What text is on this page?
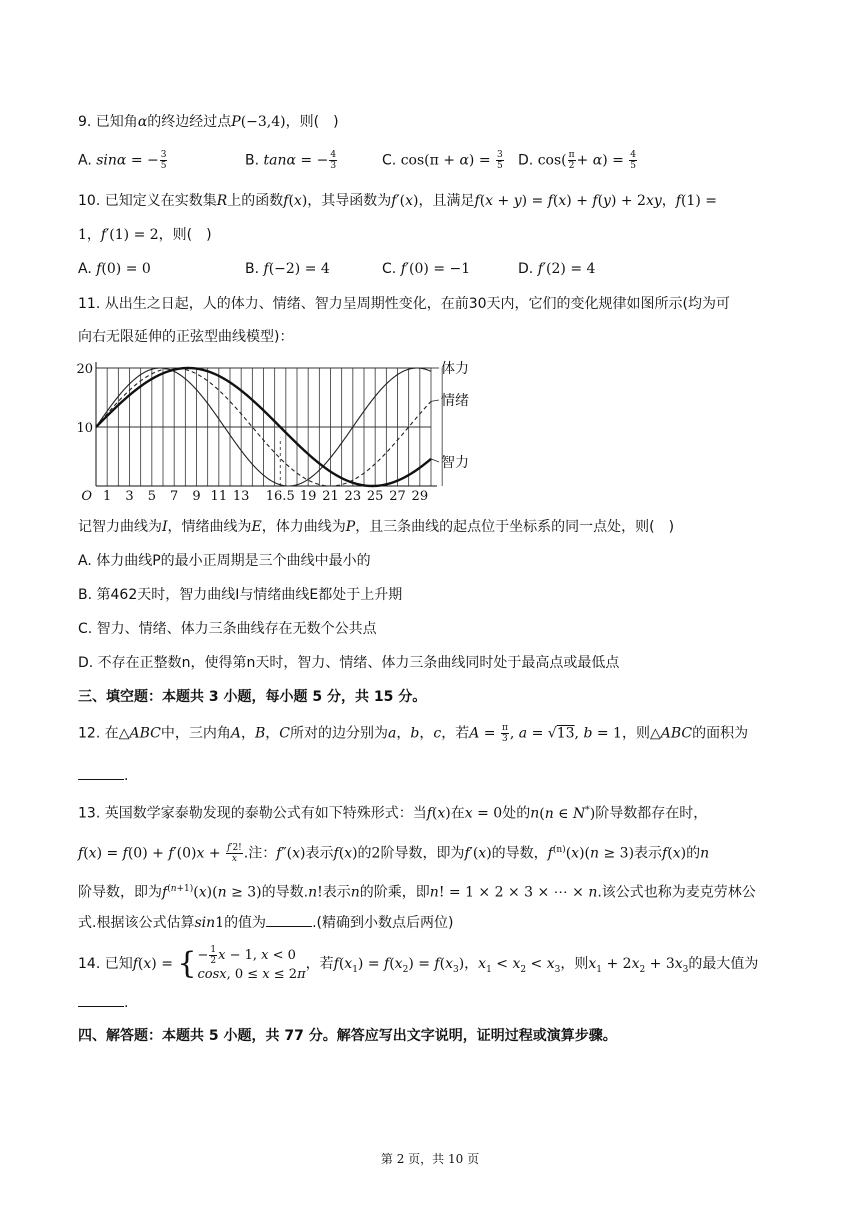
9. 已知角α的终边经过点P(−3,4)，则(　)
A. sinα = − $\frac{3}{5}$	B. tanα = − $\frac{4}{3}$	C. $\cos(\pi + \alpha) = \frac{3}{5} D$. $\cos( \frac{\pi}{2} + \alpha) = \frac{4}{5}$
10. 已知定义在实数集R上的函数f(x)，其导函数为f′(x)，且满足f(x + y) = f(x) + f(y) + 2xy，f(1) =
1，f′(1) = 2，则(　)
A. f(0) = 0	B. f(−2) = 4	C. f′(0) = −1	D. f′(2) = 4
11. 从出生之日起，人的体力、情绪、智力呈周期性变化，在前30天内，它们的变化规律如图所示(均为可
向右无限延伸的正弦型曲线模型)：
体力
情绪
智力
10
20
O 1 3 5 7 9 11 13 16.5 19 21 23 25 27 29
记智力曲线为I，情绪曲线为E，体力曲线为P，且三条曲线的起点位于坐标系的同一点处，则(　)
A. 体力曲线P的最小正周期是三个曲线中最小的
B. 第462天时，智力曲线I与情绪曲线E都处于上升期
C. 智力、情绪、体力三条曲线存在无数个公共点
D. 不存在正整数n，使得第n天时，智力、情绪、体力三条曲线同时处于最高点或最低点
三、填空题：本题共 3 小题，每小题 5 分，共 15 分。
12. 在△ABC中，三内角A，B，C所对的边分别为a，b，c，若$A = \frac{\pi}{3}$ , a = √13, b = 1，则△ABC的面积为
.
13. 英国数学家泰勒发现的泰勒公式有如下特殊形式：当f(x)在x = 0处的n(n ∈ N*)阶导数都存在时，
$f(x) = f(0) + f'(0)x + \frac{f'2!}{x}$ .注：f″(x)表示f(x)的2阶导数，即为f′(x)的导数，$f^{(n)}(x)(n \ge 3)$表示f(x)的n
阶导数，即为$f^{(n+1)}(x)(n \ge 3)$的导数.n!表示n的阶乘，即n! = 1 × 2 × 3 × ⋯ × n.该公式也称为麦克劳林公
式.根据该公式估算sin1的值为	.(精确到小数点后两位)
14. 已知f(x) = { − $\frac{1}{2}$ x − 1, x < 0
cosx, 0 ≤ x ≤ 2π
，若$f(x_1) = f(x_2) = f(x_3)$，$x_1 < x_2 < x_3$，则$x_1 + 2x_2 + 3x_3$的最大值为
.
四、解答题：本题共 5 小题，共 77 分。解答应写出文字说明，证明过程或演算步骤。
第 2 页，共 10 页
